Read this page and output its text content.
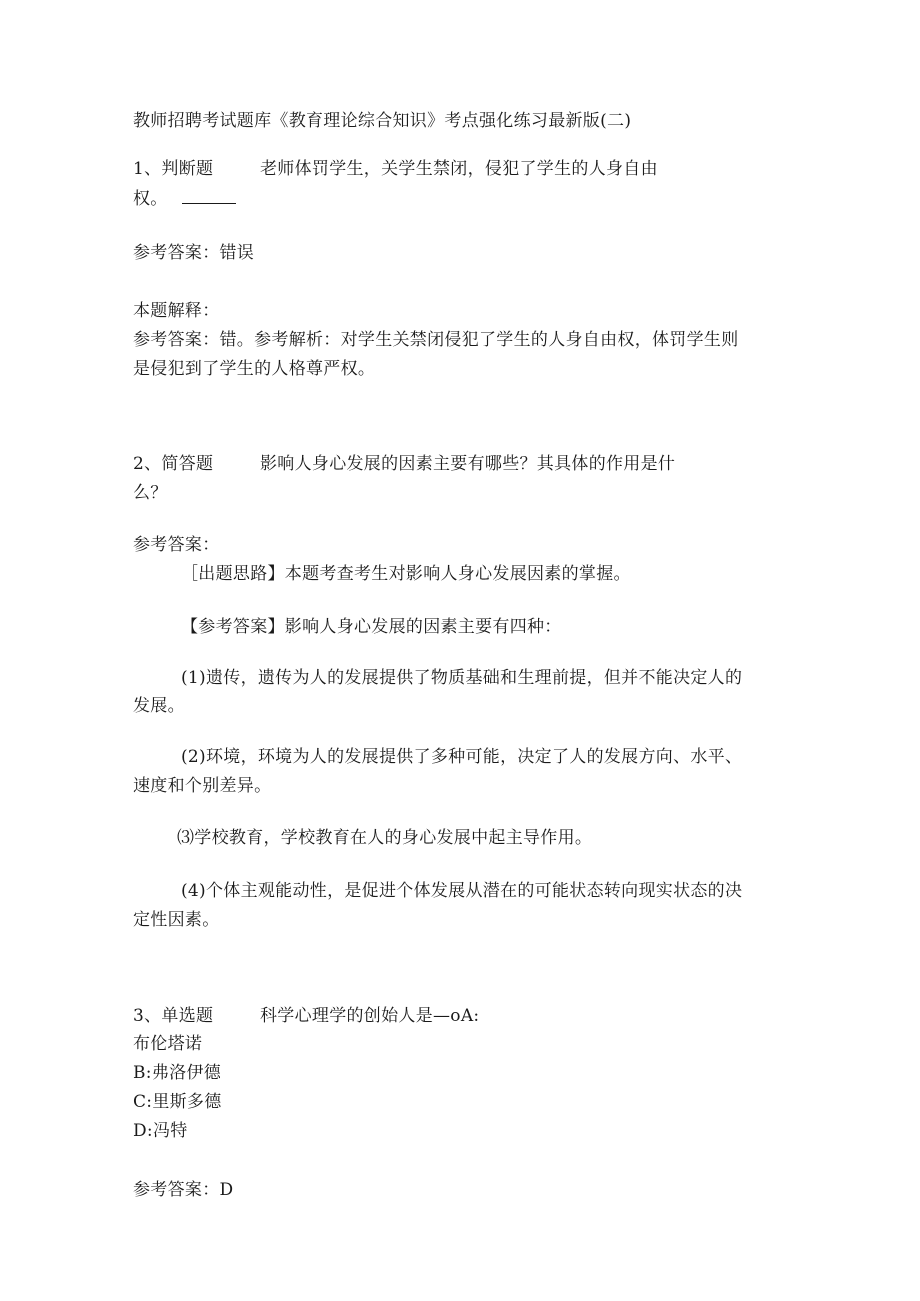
教师招聘考试题库《教育理论综合知识》考点强化练习最新版(二)
1、判断题	老师体罚学生，关学生禁闭，侵犯了学生的人身自由
权。
参考答案：错误
本题解释：
参考答案：错。参考解析：对学生关禁闭侵犯了学生的人身自由权，体罚学生则
是侵犯到了学生的人格尊严权。
2、简答题	影响人身心发展的因素主要有哪些？其具体的作用是什
么？
参考答案：
［出题思路】本题考查考生对影响人身心发展因素的掌握。
【参考答案】影响人身心发展的因素主要有四种：
(1)遗传，遗传为人的发展提供了物质基础和生理前提，但并不能决定人的
发展。
(2)环境，环境为人的发展提供了多种可能，决定了人的发展方向、水平、
速度和个别差异。
⑶学校教育，学校教育在人的身心发展中起主导作用。
(4)个体主观能动性，是促进个体发展从潜在的可能状态转向现实状态的决
定性因素。
3、单选题	科学心理学的创始人是—oA:
布伦塔诺
B:弗洛伊德
C:里斯多德
D:冯特
参考答案：D
